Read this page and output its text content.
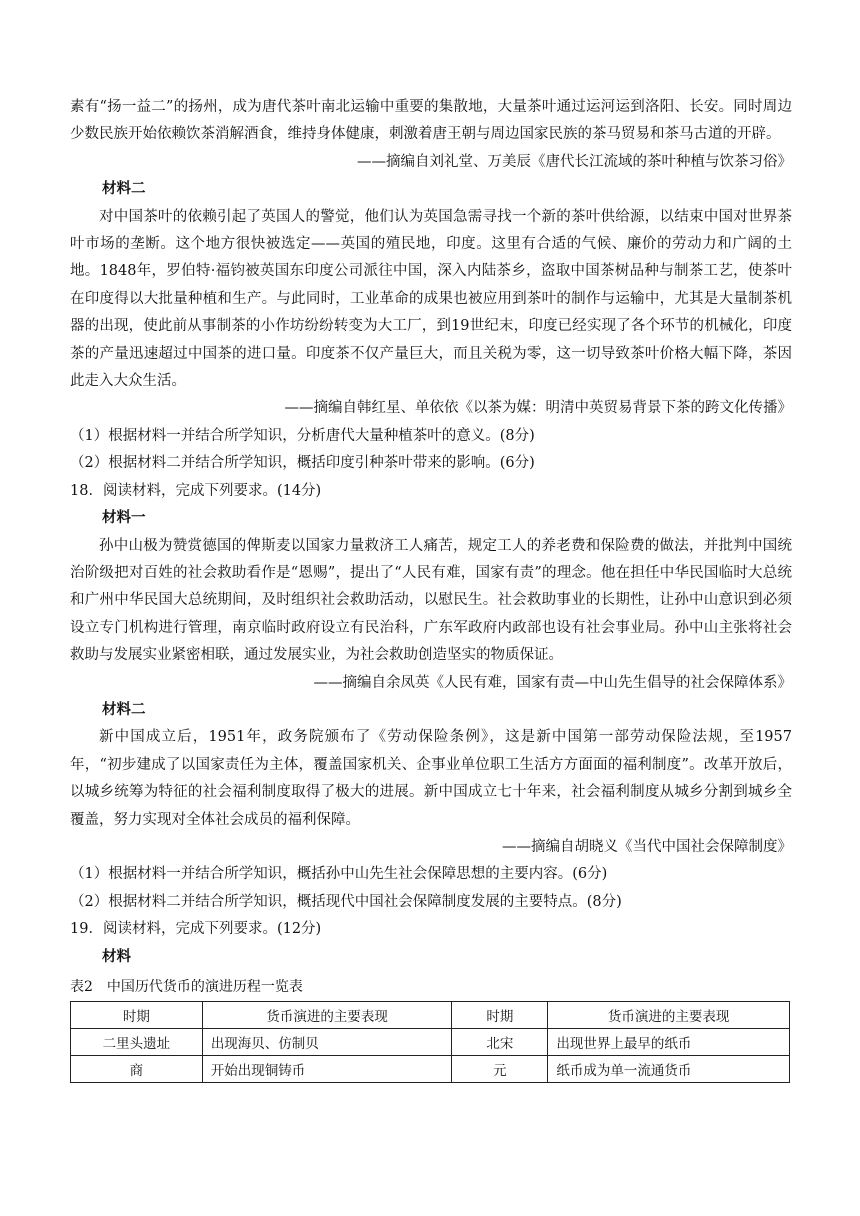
素有“扬一益二”的扬州，成为唐代茶叶南北运输中重要的集散地，大量茶叶通过运河运到洛阳、长安。同时周边少数民族开始依赖饮茶消解酒食，维持身体健康，刺激着唐王朝与周边国家民族的茶马贸易和茶马古道的开辟。

——摘编自刘礼堂、万美辰《唐代长江流域的茶叶种植与饮茶习俗》

材料二

对中国茶叶的依赖引起了英国人的警觉，他们认为英国急需寻找一个新的茶叶供给源，以结束中国对世界茶叶市场的垄断。这个地方很快被选定——英国的殖民地，印度。这里有合适的气候、廉价的劳动力和广阔的土地。1848年，罗伯特·福钧被英国东印度公司派往中国，深入内陆茶乡，盗取中国茶树品种与制茶工艺，使茶叶在印度得以大批量种植和生产。与此同时，工业革命的成果也被应用到茶叶的制作与运输中，尤其是大量制茶机器的出现，使此前从事制茶的小作坊纷纷转变为大工厂，到19世纪末，印度已经实现了各个环节的机械化，印度茶的产量迅速超过中国茶的进口量。印度茶不仅产量巨大，而且关税为零，这一切导致茶叶价格大幅下降，茶因此走入大众生活。

——摘编自韩红星、单依依《以茶为媒：明清中英贸易背景下茶的跨文化传播》

（1）根据材料一并结合所学知识，分析唐代大量种植茶叶的意义。(8分)

（2）根据材料二并结合所学知识，概括印度引种茶叶带来的影响。(6分)

18．阅读材料，完成下列要求。(14分)

材料一

孙中山极为赞赏德国的俾斯麦以国家力量救济工人痛苦，规定工人的养老费和保险费的做法，并批判中国统治阶级把对百姓的社会救助看作是“恩赐”，提出了“人民有难，国家有责”的理念。他在担任中华民国临时大总统和广州中华民国大总统期间，及时组织社会救助活动，以慰民生。社会救助事业的长期性，让孙中山意识到必须设立专门机构进行管理，南京临时政府设立有民治科，广东军政府内政部也设有社会事业局。孙中山主张将社会救助与发展实业紧密相联，通过发展实业，为社会救助创造坚实的物质保证。

——摘编自余凤英《人民有难，国家有责—中山先生倡导的社会保障体系》

材料二

新中国成立后，1951年，政务院颁布了《劳动保险条例》，这是新中国第一部劳动保险法规，至1957年，“初步建成了以国家责任为主体，覆盖国家机关、企事业单位职工生活方方面面的福利制度”。改革开放后，以城乡统筹为特征的社会福利制度取得了极大的进展。新中国成立七十年来，社会福利制度从城乡分割到城乡全覆盖，努力实现对全体社会成员的福利保障。

——摘编自胡晓义《当代中国社会保障制度》

（1）根据材料一并结合所学知识，概括孙中山先生社会保障思想的主要内容。(6分)

（2）根据材料二并结合所学知识，概括现代中国社会保障制度发展的主要特点。(8分)

19．阅读材料，完成下列要求。(12分)

材料

表2　中国历代货币的演进历程一览表

时期	货币演进的主要表现	时期	货币演进的主要表现
二里头遗址	出现海贝、仿制贝	北宋	出现世界上最早的纸币
商	开始出现铜铸币	元	纸币成为单一流通货币
